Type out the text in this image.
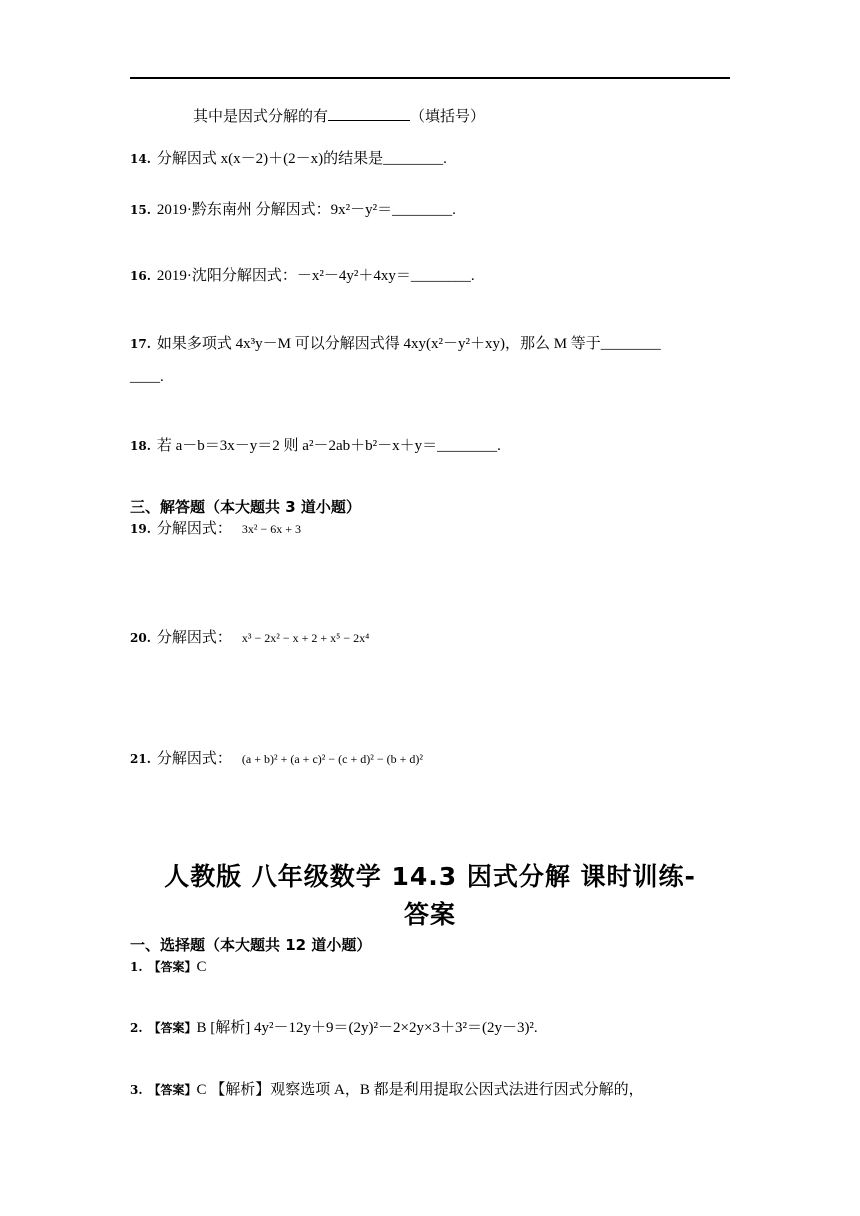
其中是因式分解的有	（填括号）
14. 分解因式 x(x－2)＋(2－x)的结果是________.
15. 2019·黔东南州 分解因式：9x²－y²＝________.
16. 2019·沈阳分解因式：－x²－4y²＋4xy＝________.
17. 如果多项式 4x³y－M 可以分解因式得 4xy(x²－y²＋xy)，那么 M 等于________
____.
18. 若 a－b＝3x－y＝2 则 a²－2ab＋b²－x＋y＝________.
三、解答题（本大题共 3 道小题）
19. 分解因式： 3x² − 6x + 3
20. 分解因式： x³ − 2x² − x + 2 + x⁵ − 2x⁴
21. 分解因式： (a + b)² + (a + c)² − (c + d)² − (b + d)²
人教版 八年级数学 14.3 因式分解 课时训练-
答案
一、选择题（本大题共 12 道小题）
1. 【答案】C
2. 【答案】B [解析] 4y²－12y＋9＝(2y)²－2×2y×3＋3²＝(2y－3)².
3. 【答案】C 【解析】观察选项 A，B 都是利用提取公因式法进行因式分解的，
